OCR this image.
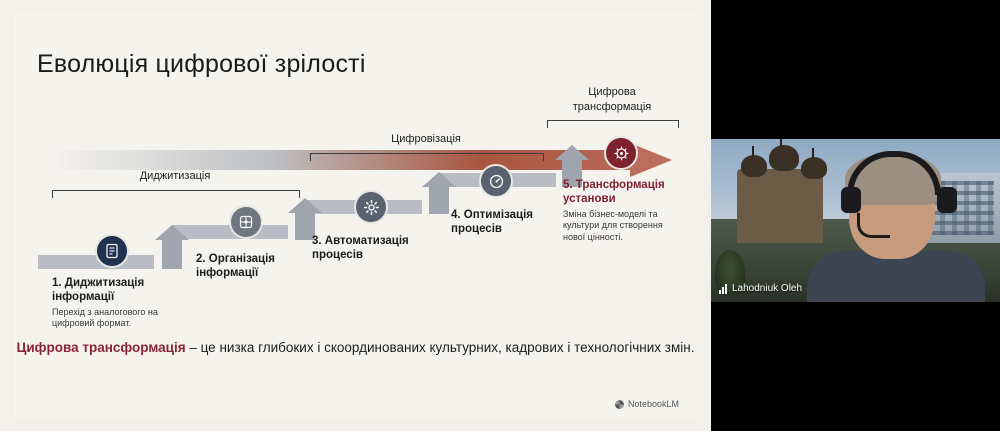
Еволюція цифрової зрілості
Диджитизація
Цифровізація
Цифрова
трансформація
1. Диджитизація інформації
Перехід з аналогового на цифровий формат.
2. Організація інформації
3. Автоматизація процесів
4. Оптимізація процесів
5. Трансформація установи
Зміна бізнес-моделі та культури для створення нової цінності.
Цифрова трансформація – це низка глибоких і скоординованих культурних, кадрових і технологічних змін.
NotebookLM
Lahodniuk Oleh
